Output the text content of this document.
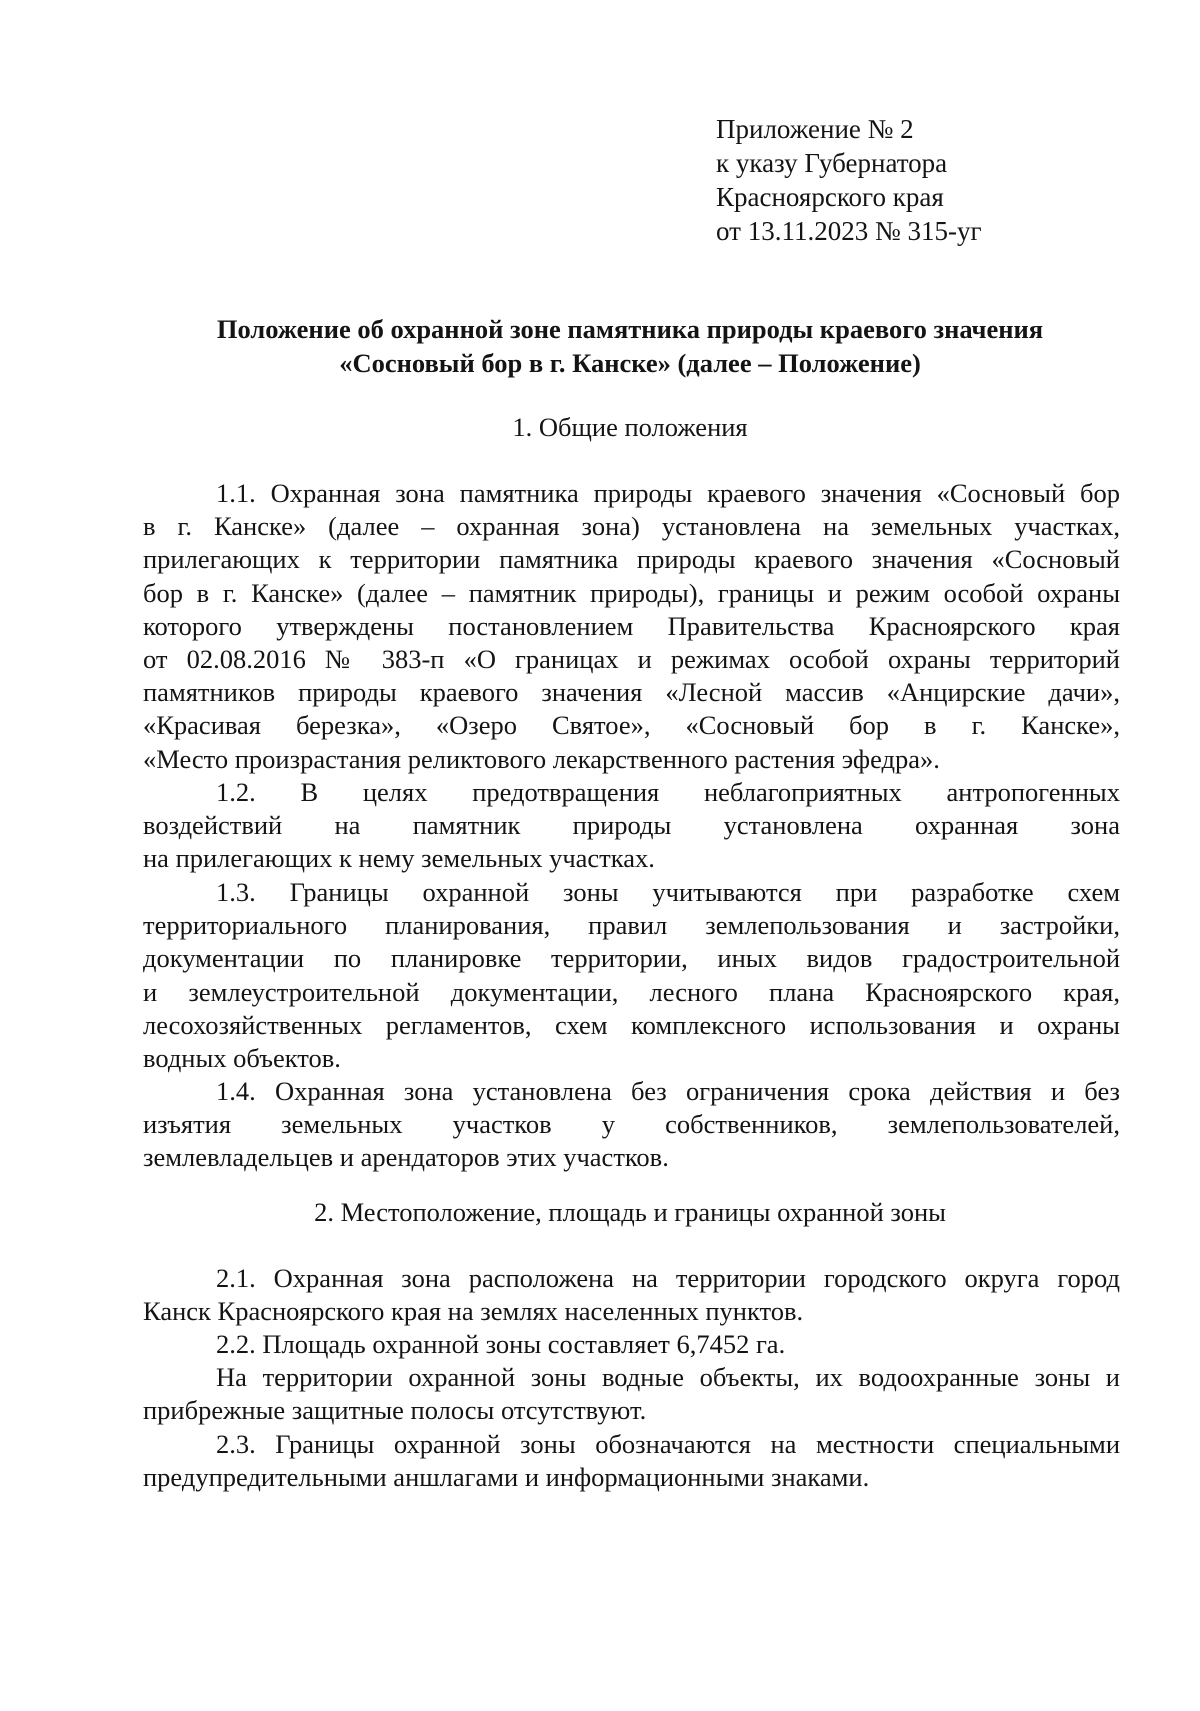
Приложение № 2
к указу Губернатора
Красноярского края
от 13.11.2023 № 315-уг
Положение об охранной зоне памятника природы краевого значения
«Сосновый бор в г. Канске» (далее – Положение)
1. Общие положения
1.1. Охранная зона памятника природы краевого значения «Сосновый бор
в г. Канске» (далее – охранная зона) установлена на земельных участках,
прилегающих к территории памятника природы краевого значения «Сосновый
бор в г. Канске» (далее – памятник природы), границы и режим особой охраны
которого утверждены постановлением Правительства Красноярского края
от 02.08.2016 № 383-п «О границах и режимах особой охраны территорий
памятников природы краевого значения «Лесной массив «Анцирские дачи»,
«Красивая березка», «Озеро Святое», «Сосновый бор в г. Канске»,
«Место произрастания реликтового лекарственного растения эфедра».
1.2. В целях предотвращения неблагоприятных антропогенных
воздействий на памятник природы установлена охранная зона
на прилегающих к нему земельных участках.
1.3. Границы охранной зоны учитываются при разработке схем
территориального планирования, правил землепользования и застройки,
документации по планировке территории, иных видов градостроительной
и землеустроительной документации, лесного плана Красноярского края,
лесохозяйственных регламентов, схем комплексного использования и охраны
водных объектов.
1.4. Охранная зона установлена без ограничения срока действия и без
изъятия земельных участков у собственников, землепользователей,
землевладельцев и арендаторов этих участков.
2. Местоположение, площадь и границы охранной зоны
2.1. Охранная зона расположена на территории городского округа город
Канск Красноярского края на землях населенных пунктов.
2.2. Площадь охранной зоны составляет 6,7452 га.
На территории охранной зоны водные объекты, их водоохранные зоны и
прибрежные защитные полосы отсутствуют.
2.3. Границы охранной зоны обозначаются на местности специальными
предупредительными аншлагами и информационными знаками.
